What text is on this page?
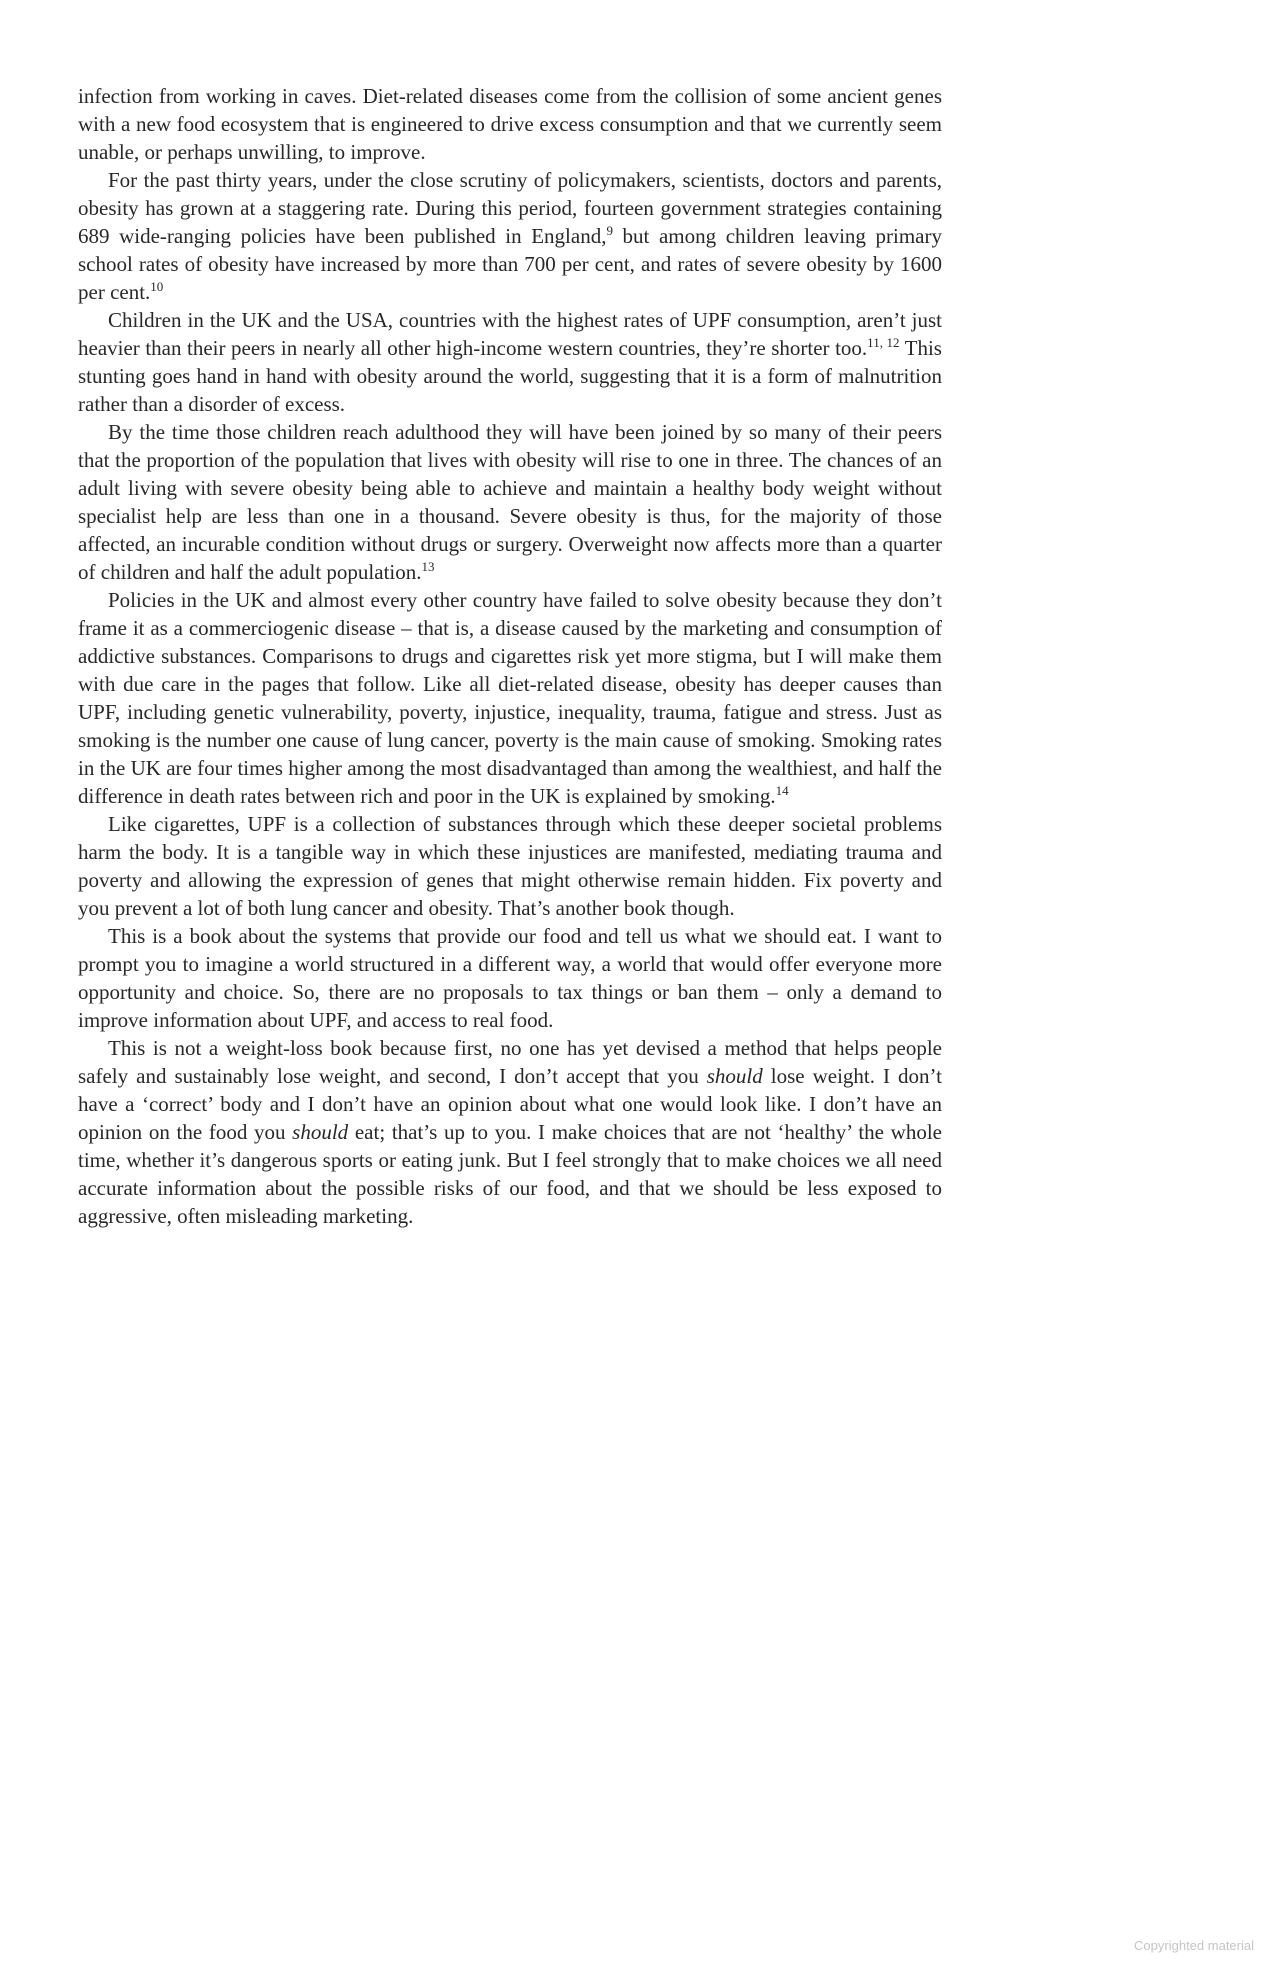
infection from working in caves. Diet-related diseases come from the collision of some ancient genes with a new food ecosystem that is engineered to drive excess consumption and that we currently seem unable, or perhaps unwilling, to improve.

For the past thirty years, under the close scrutiny of policymakers, scientists, doctors and parents, obesity has grown at a staggering rate. During this period, fourteen government strategies containing 689 wide-ranging policies have been published in England,$^9$ but among children leaving primary school rates of obesity have increased by more than 700 per cent, and rates of severe obesity by 1600 per cent.$^{10}$

Children in the UK and the USA, countries with the highest rates of UPF consumption, aren’t just heavier than their peers in nearly all other high-income western countries, they’re shorter too.$^{11, 12}$ This stunting goes hand in hand with obesity around the world, suggesting that it is a form of malnutrition rather than a disorder of excess.

By the time those children reach adulthood they will have been joined by so many of their peers that the proportion of the population that lives with obesity will rise to one in three. The chances of an adult living with severe obesity being able to achieve and maintain a healthy body weight without specialist help are less than one in a thousand. Severe obesity is thus, for the majority of those affected, an incurable condition without drugs or surgery. Overweight now affects more than a quarter of children and half the adult population.$^{13}$

Policies in the UK and almost every other country have failed to solve obesity because they don’t frame it as a commerciogenic disease – that is, a disease caused by the marketing and consumption of addictive substances. Comparisons to drugs and cigarettes risk yet more stigma, but I will make them with due care in the pages that follow. Like all diet-related disease, obesity has deeper causes than UPF, including genetic vulnerability, poverty, injustice, inequality, trauma, fatigue and stress. Just as smoking is the number one cause of lung cancer, poverty is the main cause of smoking. Smoking rates in the UK are four times higher among the most disadvantaged than among the wealthiest, and half the difference in death rates between rich and poor in the UK is explained by smoking.$^{14}$

Like cigarettes, UPF is a collection of substances through which these deeper societal problems harm the body. It is a tangible way in which these injustices are manifested, mediating trauma and poverty and allowing the expression of genes that might otherwise remain hidden. Fix poverty and you prevent a lot of both lung cancer and obesity. That’s another book though.

This is a book about the systems that provide our food and tell us what we should eat. I want to prompt you to imagine a world structured in a different way, a world that would offer everyone more opportunity and choice. So, there are no proposals to tax things or ban them – only a demand to improve information about UPF, and access to real food.

This is not a weight-loss book because first, no one has yet devised a method that helps people safely and sustainably lose weight, and second, I don’t accept that you should lose weight. I don’t have a ‘correct’ body and I don’t have an opinion about what one would look like. I don’t have an opinion on the food you should eat; that’s up to you. I make choices that are not ‘healthy’ the whole time, whether it’s dangerous sports or eating junk. But I feel strongly that to make choices we all need accurate information about the possible risks of our food, and that we should be less exposed to aggressive, often misleading marketing.

Copyrighted material
